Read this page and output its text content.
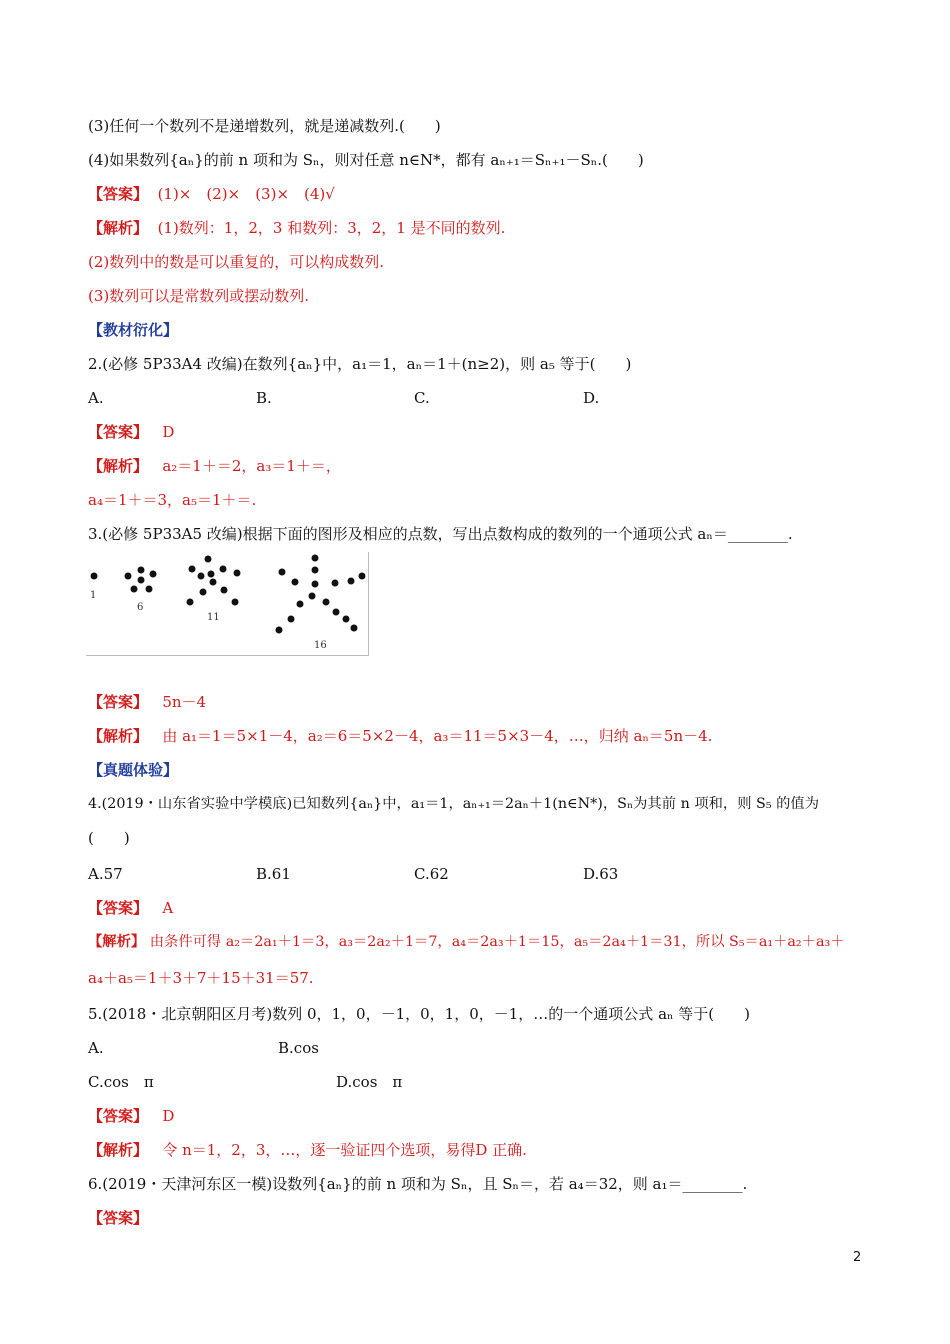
(3)任何一个数列不是递增数列，就是递减数列.(　　)
(4)如果数列{aₙ}的前 n 项和为 Sₙ，则对任意 n∈N*，都有 aₙ₊₁＝Sₙ₊₁－Sₙ.(　　)
【答案】 (1)×　(2)×　(3)×　(4)√
【解析】 (1)数列：1，2，3 和数列：3，2，1 是不同的数列.
(2)数列中的数是可以重复的，可以构成数列.
(3)数列可以是常数列或摆动数列.
【教材衍化】
2.(必修 5P33A4 改编)在数列{aₙ}中，a₁＝1，aₙ＝1＋(n≥2)，则 a₅ 等于(　　)
A.	B.	C.	D.
【答案】 D
【解析】 a₂＝1＋＝2，a₃＝1＋＝，
a₄＝1＋＝3，a₅＝1＋＝.
3.(必修 5P33A5 改编)根据下面的图形及相应的点数，写出点数构成的数列的一个通项公式 aₙ＝________.
1
6
11
16
【答案】 5n－4
【解析】 由 a₁＝1＝5×1－4，a₂＝6＝5×2－4，a₃＝11＝5×3－4，…，归纳 aₙ＝5n－4.
【真题体验】
4.(2019・山东省实验中学模底)已知数列{aₙ}中，a₁＝1，aₙ₊₁＝2aₙ＋1(n∈N*)，Sₙ为其前 n 项和，则 S₅ 的值为
(　　)
A.57	B.61	C.62	D.63
【答案】 A
【解析】 由条件可得 a₂＝2a₁＋1＝3，a₃＝2a₂＋1＝7，a₄＝2a₃＋1＝15，a₅＝2a₄＋1＝31，所以 S₅＝a₁＋a₂＋a₃＋
a₄＋a₅＝1＋3＋7＋15＋31＝57.
5.(2018・北京朝阳区月考)数列 0，1，0，－1，0，1，0，－1，…的一个通项公式 aₙ 等于(　　)
A.	B.cos
C.cos　π	D.cos　π
【答案】 D
【解析】 令 n＝1，2，3，…，逐一验证四个选项，易得D 正确.
6.(2019・天津河东区一模)设数列{aₙ}的前 n 项和为 Sₙ，且 Sₙ＝，若 a₄＝32，则 a₁＝________.
【答案】
2
